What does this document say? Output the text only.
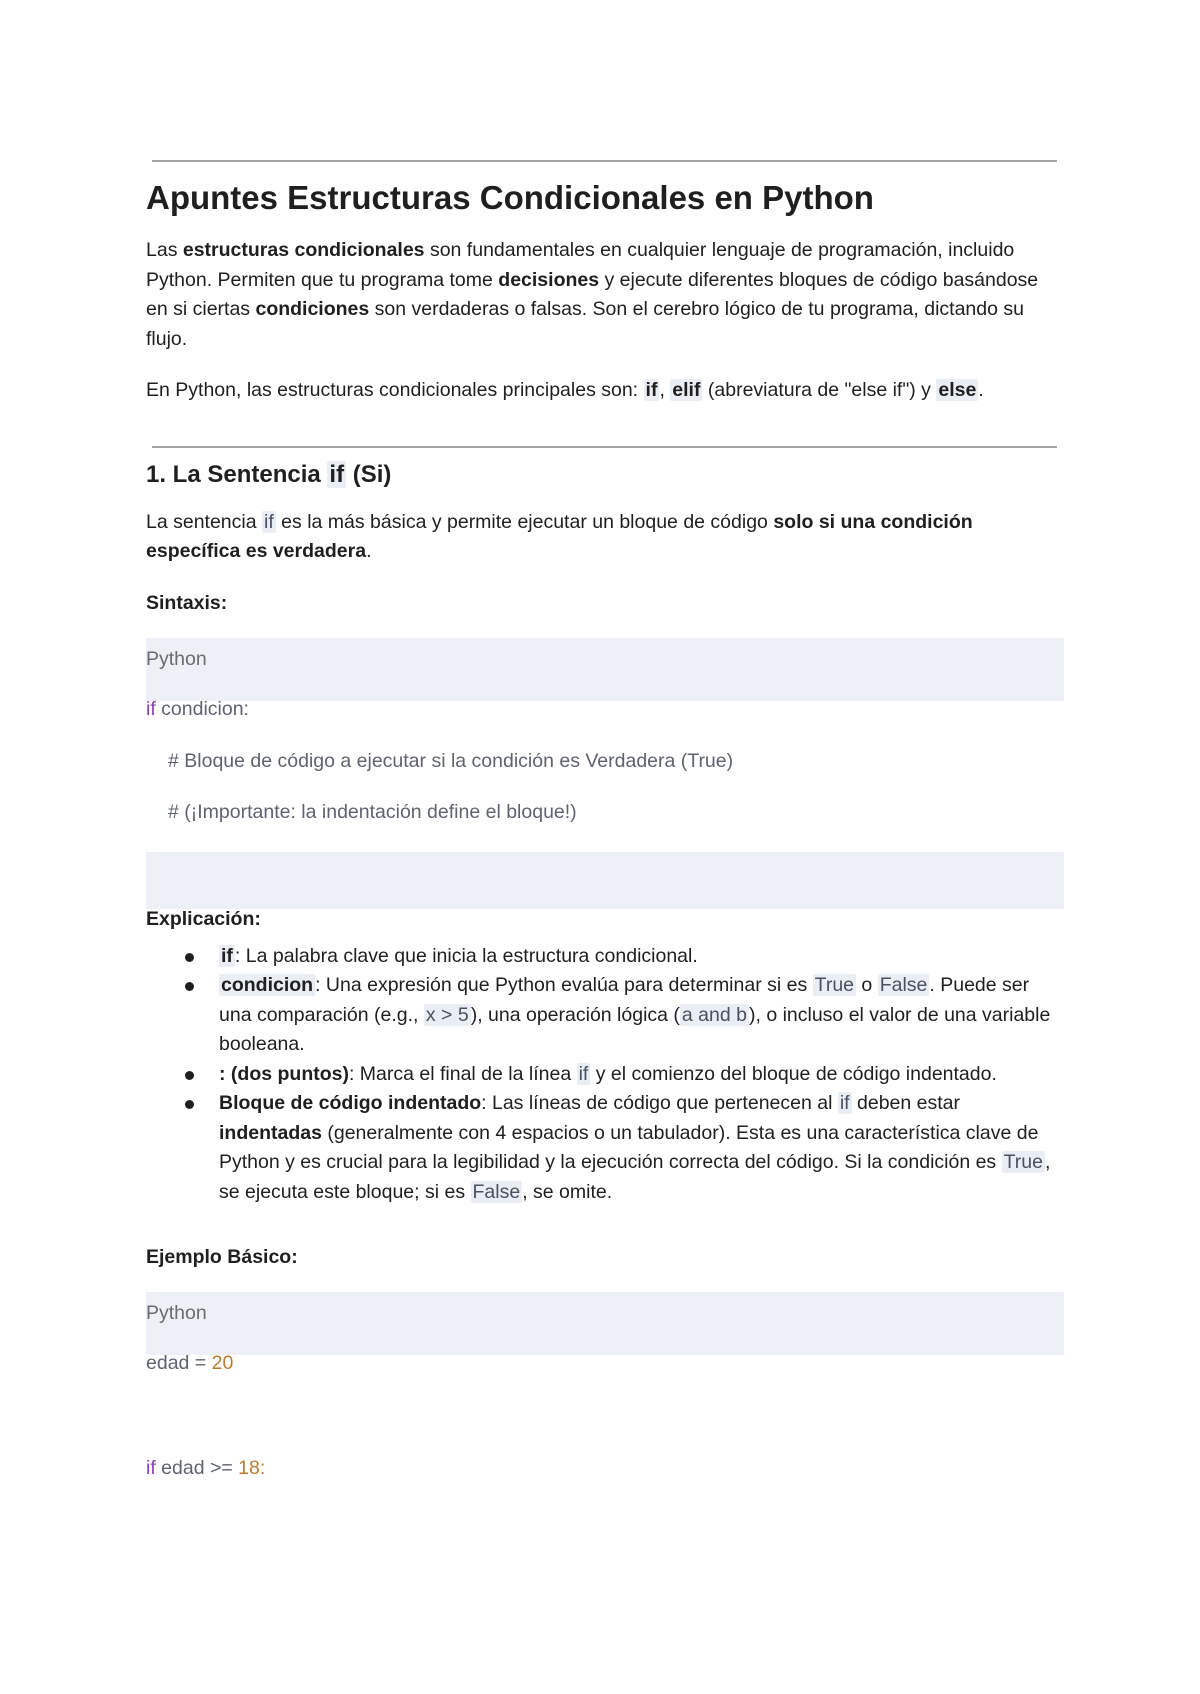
Apuntes Estructuras Condicionales en Python

Las estructuras condicionales son fundamentales en cualquier lenguaje de programación, incluido Python. Permiten que tu programa tome decisiones y ejecute diferentes bloques de código basándose en si ciertas condiciones son verdaderas o falsas. Son el cerebro lógico de tu programa, dictando su flujo.

En Python, las estructuras condicionales principales son: if , elif (abreviatura de "else if") y else .

1. La Sentencia if (Si)

La sentencia if es la más básica y permite ejecutar un bloque de código solo si una condición específica es verdadera.

Sintaxis:
Python
if condicion:
# Bloque de código a ejecutar si la condición es Verdadera (True)
# (¡Importante: la indentación define el bloque!)
Explicación:
if : La palabra clave que inicia la estructura condicional.
condicion : Una expresión que Python evalúa para determinar si es True o False . Puede ser una comparación (e.g., x > 5 ), una operación lógica ( a and b ), o incluso el valor de una variable booleana.
: (dos puntos): Marca el final de la línea if y el comienzo del bloque de código indentado.
Bloque de código indentado: Las líneas de código que pertenecen al if deben estar indentadas (generalmente con 4 espacios o un tabulador). Esta es una característica clave de Python y es crucial para la legibilidad y la ejecución correcta del código. Si la condición es True , se ejecuta este bloque; si es False , se omite.
Ejemplo Básico:
Python
edad = 20
if edad >= 18:
